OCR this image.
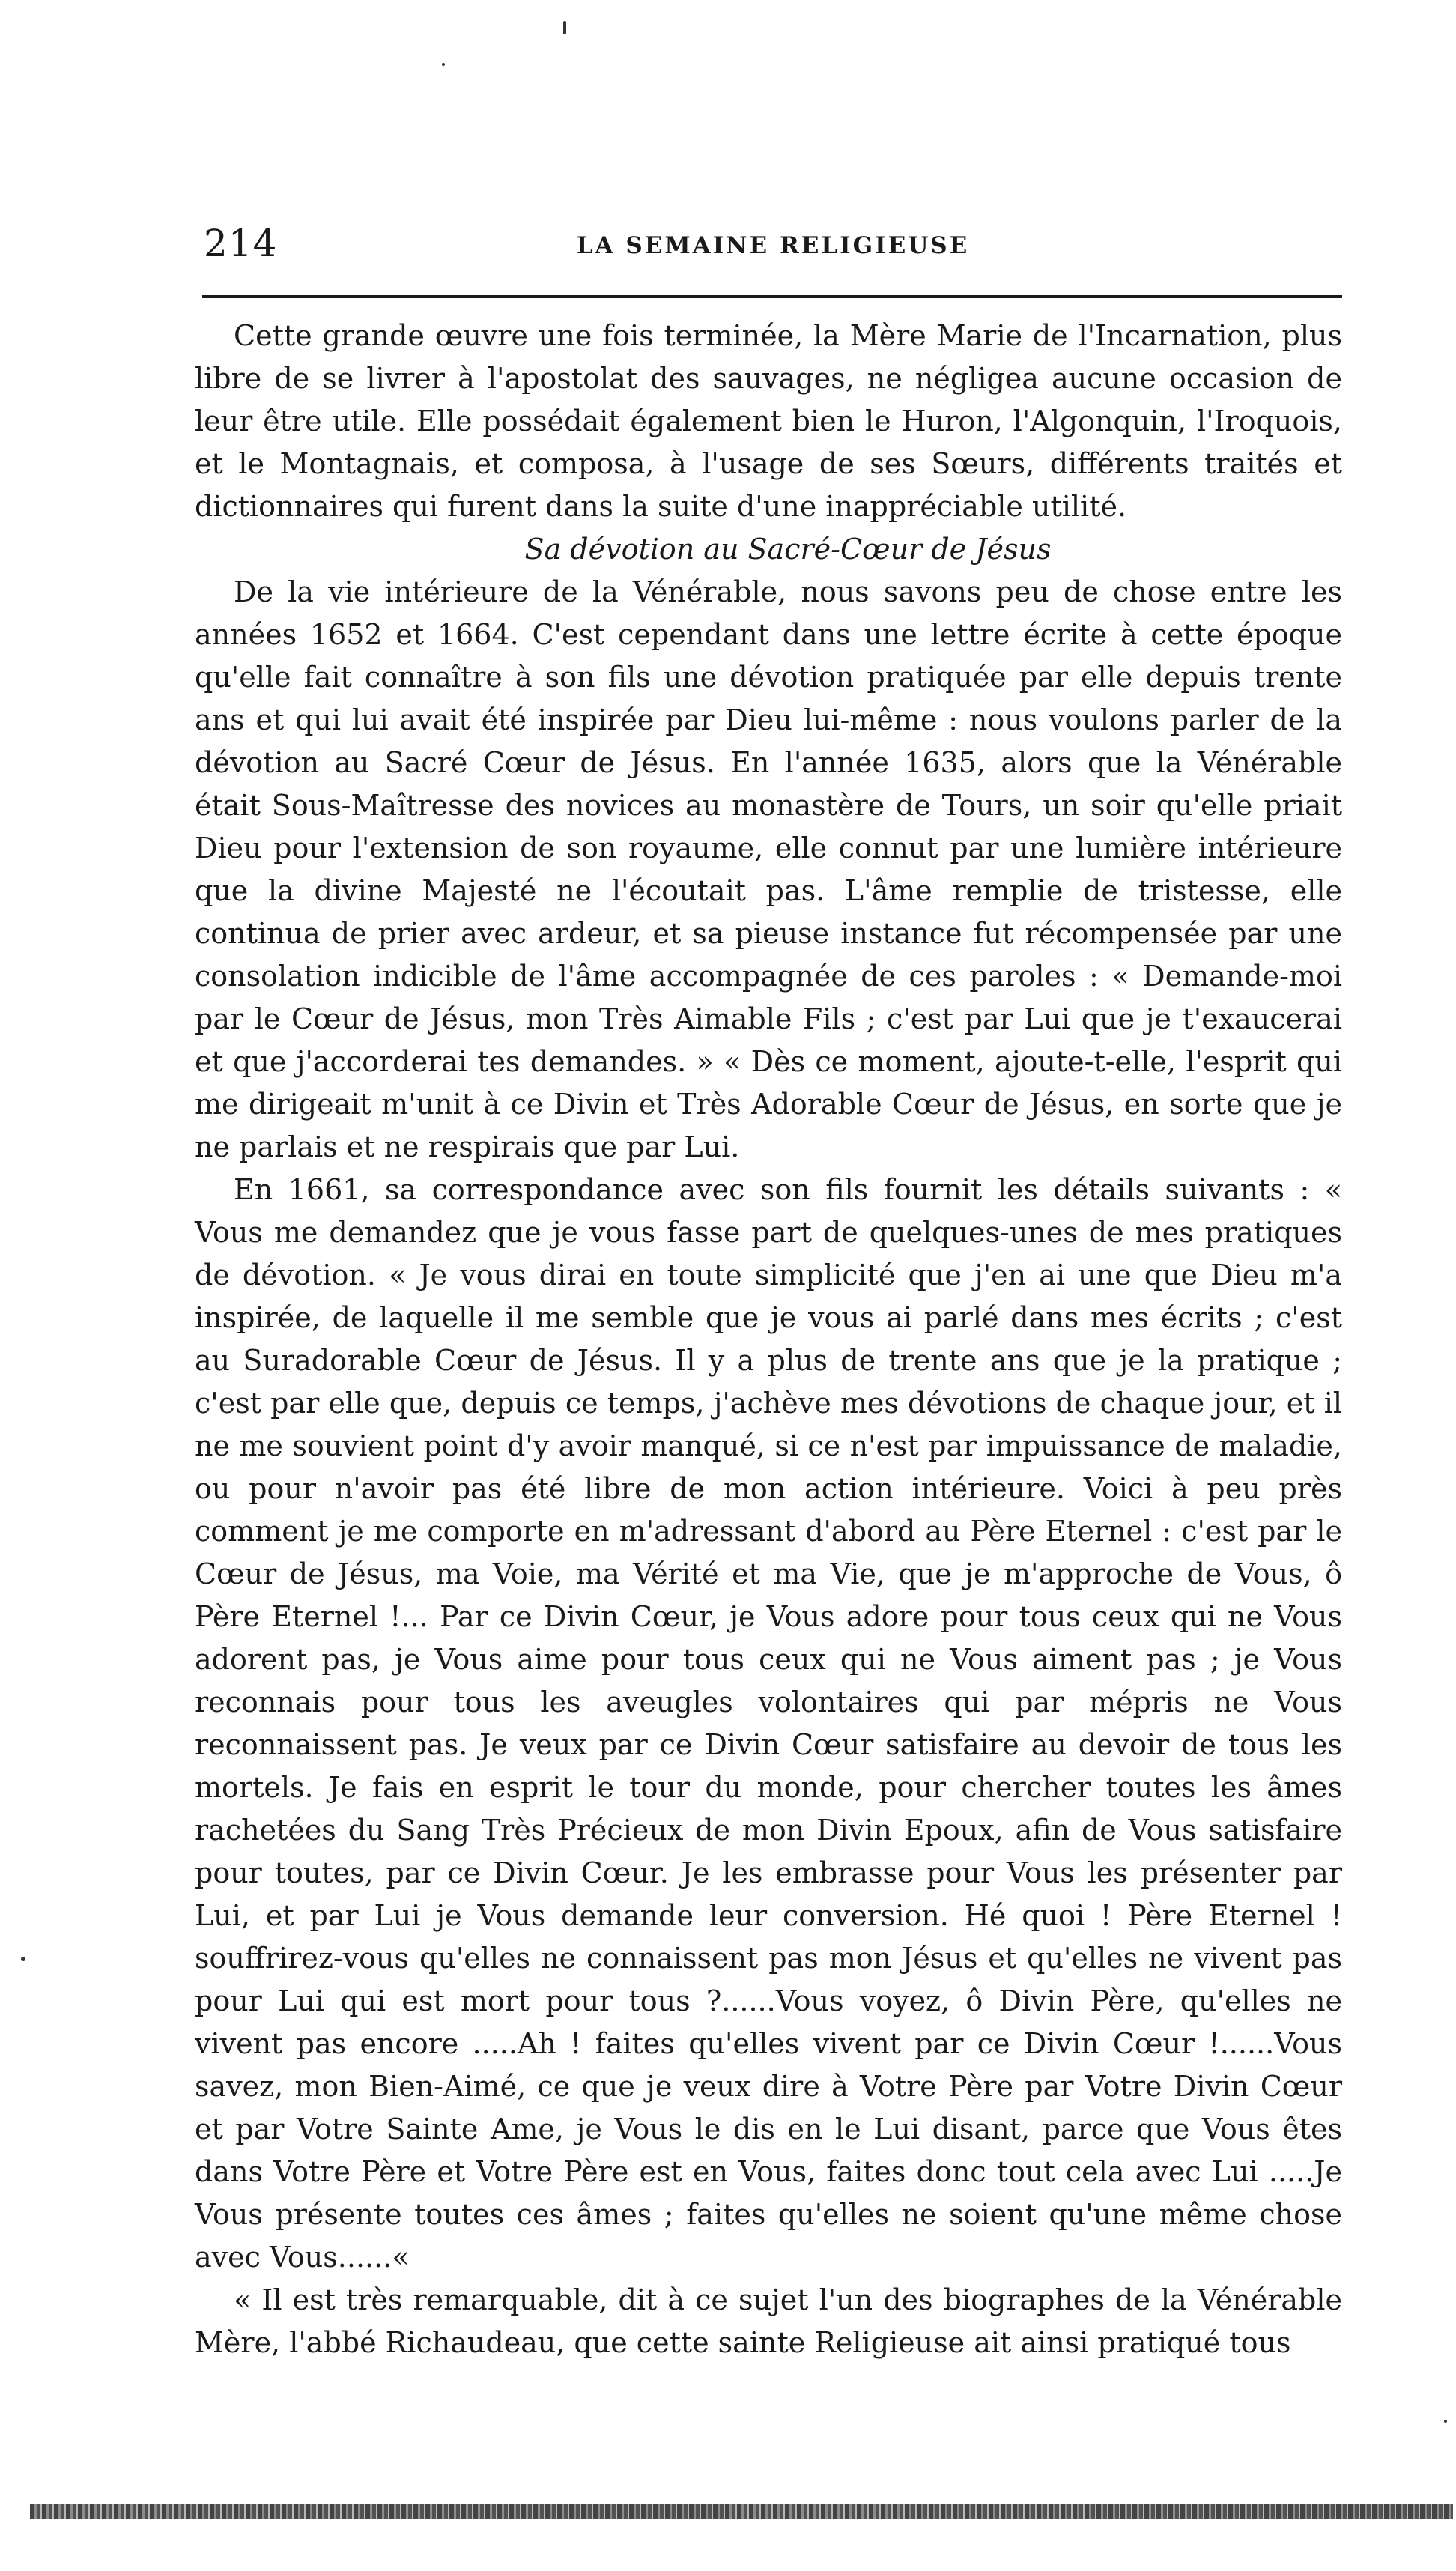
214	LA SEMAINE RELIGIEUSE

Cette grande œuvre une fois terminée, la Mère Marie de l'Incarnation, plus libre de se livrer à l'apostolat des sauvages, ne négligea aucune occasion de leur être utile. Elle possédait également bien le Huron, l'Algonquin, l'Iroquois, et le Montagnais, et composa, à l'usage de ses Sœurs, différents traités et dictionnaires qui furent dans la suite d'une inappréciable utilité.

Sa dévotion au Sacré-Cœur de Jésus

De la vie intérieure de la Vénérable, nous savons peu de chose entre les années 1652 et 1664. C'est cependant dans une lettre écrite à cette époque qu'elle fait connaître à son fils une dévotion pratiquée par elle depuis trente ans et qui lui avait été inspirée par Dieu lui-même : nous voulons parler de la dévotion au Sacré Cœur de Jésus. En l'année 1635, alors que la Vénérable était Sous-Maîtresse des novices au monastère de Tours, un soir qu'elle priait Dieu pour l'extension de son royaume, elle connut par une lumière intérieure que la divine Majesté ne l'écoutait pas. L'âme remplie de tristesse, elle continua de prier avec ardeur, et sa pieuse instance fut récompensée par une consolation indicible de l'âme accompagnée de ces paroles : « Demande-moi par le Cœur de Jésus, mon Très Aimable Fils ; c'est par Lui que je t'exaucerai et que j'accorderai tes demandes. » « Dès ce moment, ajoute-t-elle, l'esprit qui me dirigeait m'unit à ce Divin et Très Adorable Cœur de Jésus, en sorte que je ne parlais et ne respirais que par Lui.

En 1661, sa correspondance avec son fils fournit les détails suivants : « Vous me demandez que je vous fasse part de quelques-unes de mes pratiques de dévotion. « Je vous dirai en toute simplicité que j'en ai une que Dieu m'a inspirée, de laquelle il me semble que je vous ai parlé dans mes écrits ; c'est au Suradorable Cœur de Jésus. Il y a plus de trente ans que je la pratique ; c'est par elle que, depuis ce temps, j'achève mes dévotions de chaque jour, et il ne me souvient point d'y avoir manqué, si ce n'est par impuissance de maladie, ou pour n'avoir pas été libre de mon action intérieure. Voici à peu près comment je me comporte en m'adressant d'abord au Père Eternel : c'est par le Cœur de Jésus, ma Voie, ma Vérité et ma Vie, que je m'approche de Vous, ô Père Eternel !... Par ce Divin Cœur, je Vous adore pour tous ceux qui ne Vous adorent pas, je Vous aime pour tous ceux qui ne Vous aiment pas ; je Vous reconnais pour tous les aveugles volontaires qui par mépris ne Vous reconnaissent pas. Je veux par ce Divin Cœur satisfaire au devoir de tous les mortels. Je fais en esprit le tour du monde, pour chercher toutes les âmes rachetées du Sang Très Précieux de mon Divin Epoux, afin de Vous satisfaire pour toutes, par ce Divin Cœur. Je les embrasse pour Vous les présenter par Lui, et par Lui je Vous demande leur conversion. Hé quoi ! Père Eternel ! souffrirez-vous qu'elles ne connaissent pas mon Jésus et qu'elles ne vivent pas pour Lui qui est mort pour tous ?......Vous voyez, ô Divin Père, qu'elles ne vivent pas encore .....Ah ! faites qu'elles vivent par ce Divin Cœur !......Vous savez, mon Bien-Aimé, ce que je veux dire à Votre Père par Votre Divin Cœur et par Votre Sainte Ame, je Vous le dis en le Lui disant, parce que Vous êtes dans Votre Père et Votre Père est en Vous, faites donc tout cela avec Lui .....Je Vous présente toutes ces âmes ; faites qu'elles ne soient qu'une même chose avec Vous......«

« Il est très remarquable, dit à ce sujet l'un des biographes de la Vénérable Mère, l'abbé Richaudeau, que cette sainte Religieuse ait ainsi pratiqué tous
